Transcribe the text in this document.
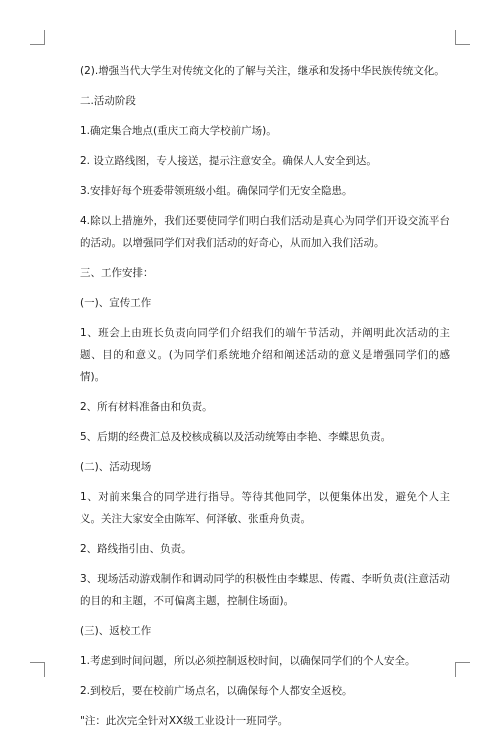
(2).增强当代大学生对传统文化的了解与关注，继承和发扬中华民族传统文化。

二.活动阶段

1.确定集合地点(重庆工商大学校前广场)。

2. 设立路线图，专人接送，提示注意安全。确保人人安全到达。

3.安排好每个班委带领班级小组。确保同学们无安全隐患。

4.除以上措施外，我们还要使同学们明白我们活动是真心为同学们开设交流平台的活动。以增强同学们对我们活动的好奇心，从而加入我们活动。

三、工作安排：

(一)、宣传工作

1、班会上由班长负责向同学们介绍我们的端午节活动，并阐明此次活动的主题、目的和意义。(为同学们系统地介绍和阐述活动的意义是增强同学们的感情)。

2、所有材料准备由和负责。

5、后期的经费汇总及校核成稿以及活动统筹由李艳、李蝶思负责。

(二)、活动现场

1、对前来集合的同学进行指导。等待其他同学，以便集体出发，避免个人主义。关注大家安全由陈军、何泽敏、张重舟负责。

2、路线指引由、负责。

3、现场活动游戏制作和调动同学的积极性由李蝶思、传霞、李昕负责(注意活动的目的和主题，不可偏离主题，控制住场面)。

(三)、返校工作

1.考虑到时间问题，所以必须控制返校时间，以确保同学们的个人安全。

2.到校后，要在校前广场点名，以确保每个人都安全返校。

"注：此次完全针对XX级工业设计一班同学。
